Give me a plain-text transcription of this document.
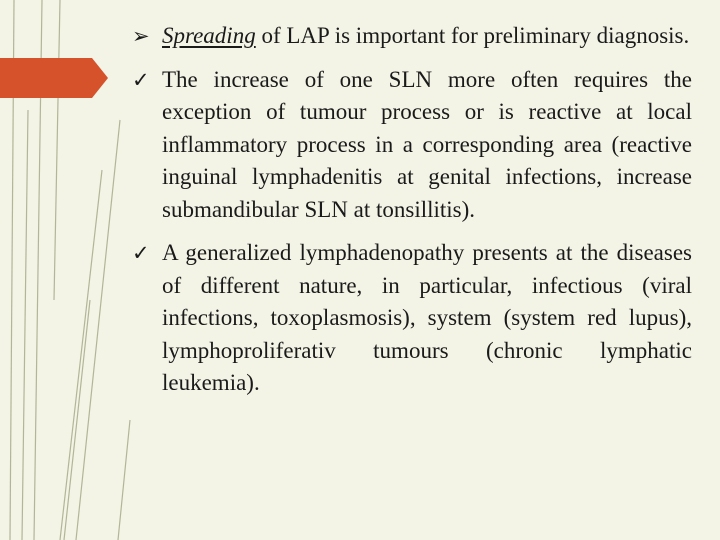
➢ Spreading of LAP is important for preliminary diagnosis.
✓ The increase of one SLN more often requires the exception of tumour process or is reactive at local inflammatory process in a corresponding area (reactive inguinal lymphadenitis at genital infections, increase submandibular SLN at tonsillitis).
✓ A generalized lymphadenopathy presents at the diseases of different nature, in particular, infectious (viral infections, toxoplasmosis), system (system red lupus), lymphoproliferativ tumours (chronic lymphatic leukemia).
